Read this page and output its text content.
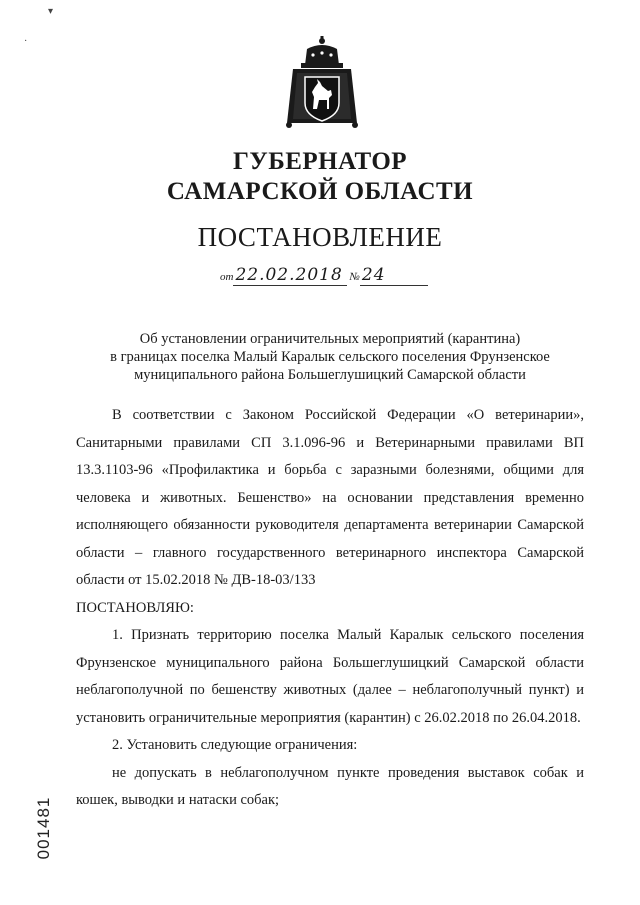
ГУБЕРНАТОР
САМАРСКОЙ ОБЛАСТИ
ПОСТАНОВЛЕНИЕ
от 22.02.2018 № 24
Об установлении ограничительных мероприятий (карантина)
в границах поселка Малый Каралык сельского поселения Фрунзенское
муниципального района Большеглушицкий Самарской области

В соответствии с Законом Российской Федерации «О ветеринарии», Санитарными правилами СП 3.1.096-96 и Ветеринарными правилами ВП 13.3.1103-96 «Профилактика и борьба с заразными болезнями, общими для человека и животных. Бешенство» на основании представления временно исполняющего обязанности руководителя департамента ветеринарии Самарской области – главного государственного ветеринарного инспектора Самарской области от 15.02.2018 № ДВ-18-03/133

ПОСТАНОВЛЯЮ:

1. Признать территорию поселка Малый Каралык сельского поселения Фрунзенское муниципального района Большеглушицкий Самарской области неблагополучной по бешенству животных (далее – неблагополучный пункт) и установить ограничительные мероприятия (карантин) с 26.02.2018 по 26.04.2018.

2. Установить следующие ограничения:

не допускать в неблагополучном пункте проведения выставок собак и кошек, выводки и натаски собак;

001481
▾
·
